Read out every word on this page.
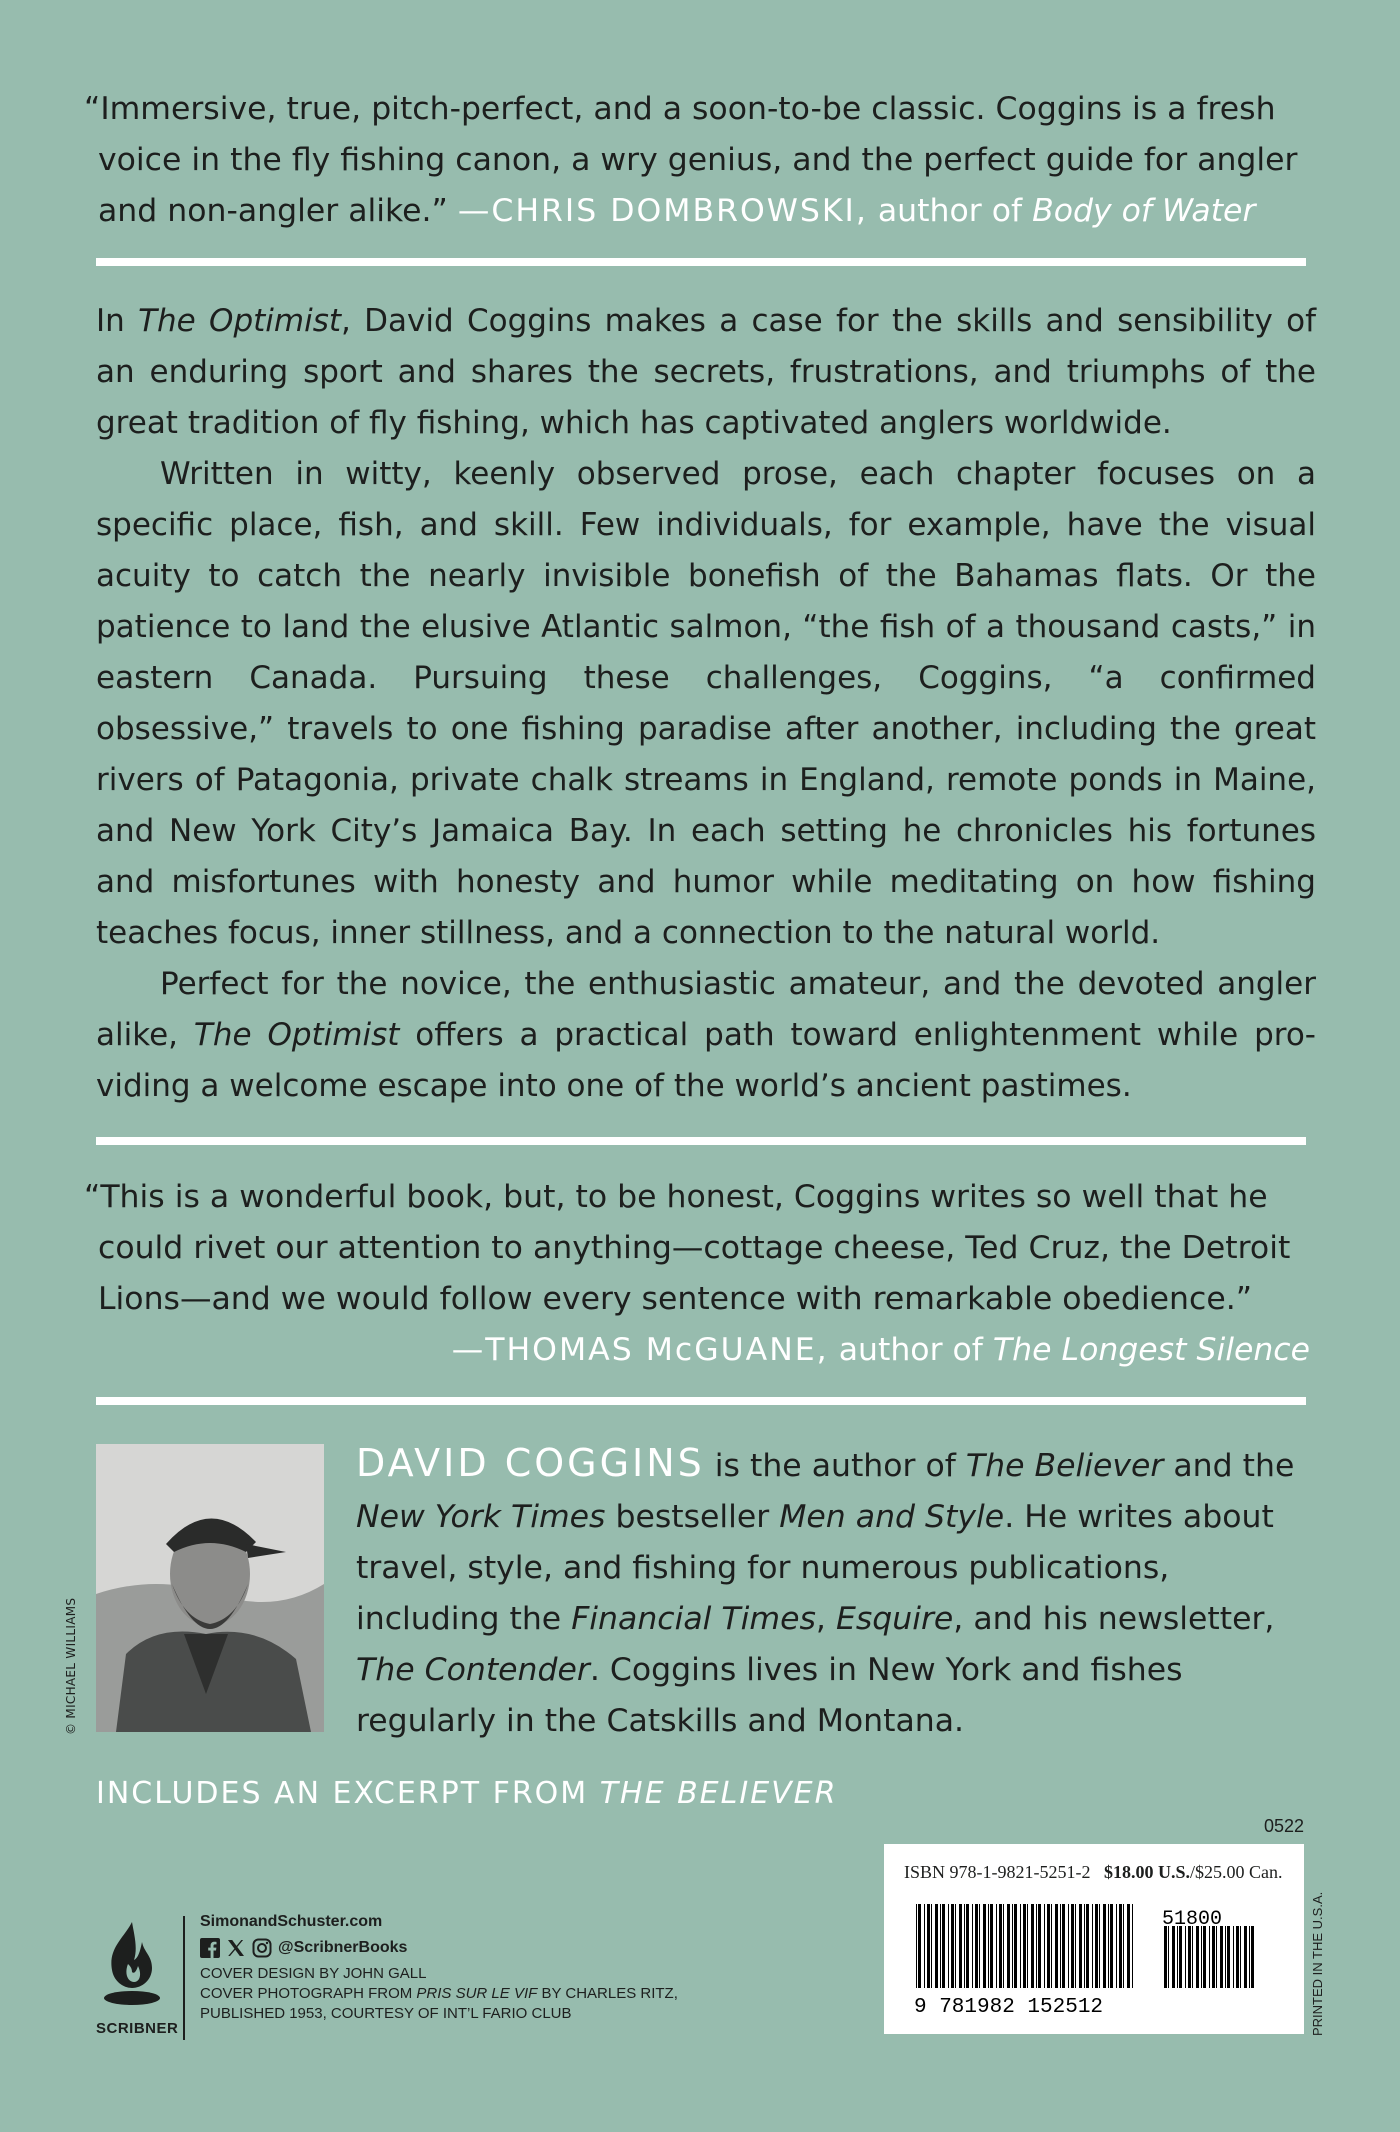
“Immersive, true, pitch-perfect, and a soon-to-be classic. Coggins is a fresh

voice in the fly fishing canon, a wry genius, and the perfect guide for angler

and non-angler alike.” —CHRIS DOMBROWSKI, author of Body of Water

In The Optimist, David Coggins makes a case for the skills and sensibility of an enduring sport and shares the secrets, frustrations, and triumphs of the great tradition of fly fishing, which has captivated anglers worldwide.

Written in witty, keenly observed prose, each chapter focuses on a specific place, fish, and skill. Few individuals, for example, have the visual acuity to catch the nearly invisible bonefish of the Bahamas flats. Or the patience to land the elusive Atlantic salmon, “the fish of a thousand casts,” in eastern Canada. Pursuing these challenges, Coggins, “a confirmed obsessive,” travels to one fishing paradise after another, including the great rivers of Patagonia, private chalk streams in England, remote ponds in Maine, and New York City’s Jamaica Bay. In each setting he chronicles his fortunes and misfortunes with honesty and humor while meditating on how fishing teaches focus, inner stillness, and a connection to the natural world.

Perfect for the novice, the enthusiastic amateur, and the devoted angler alike, The Optimist offers a practical path toward enlightenment while providing a welcome escape into one of the world’s ancient pastimes.

“This is a wonderful book, but, to be honest, Coggins writes so well that he
could rivet our attention to anything—cottage cheese, Ted Cruz, the Detroit
Lions—and we would follow every sentence with remarkable obedience.”
—THOMAS McGUANE, author of The Longest Silence
© MICHAEL WILLIAMS
DAVID COGGINS is the author of The Believer and the New York Times bestseller Men and Style. He writes about travel, style, and fishing for numerous publications, including the Financial Times, Esquire, and his newsletter, The Contender. Coggins lives in New York and fishes regularly in the Catskills and Montana.
INCLUDES AN EXCERPT FROM THE BELIEVER
0522
ISBN 978-1-9821-5251-2 $18.00 U.S./$25.00 Can.
9 781982 152512
51800	PRINTED IN THE U.S.A.
SCRIBNER
SimonandSchuster.com
@ScribnerBooks
COVER DESIGN BY JOHN GALL
COVER PHOTOGRAPH FROM PRIS SUR LE VIF BY CHARLES RITZ,
PUBLISHED 1953, COURTESY OF INT’L FARIO CLUB
